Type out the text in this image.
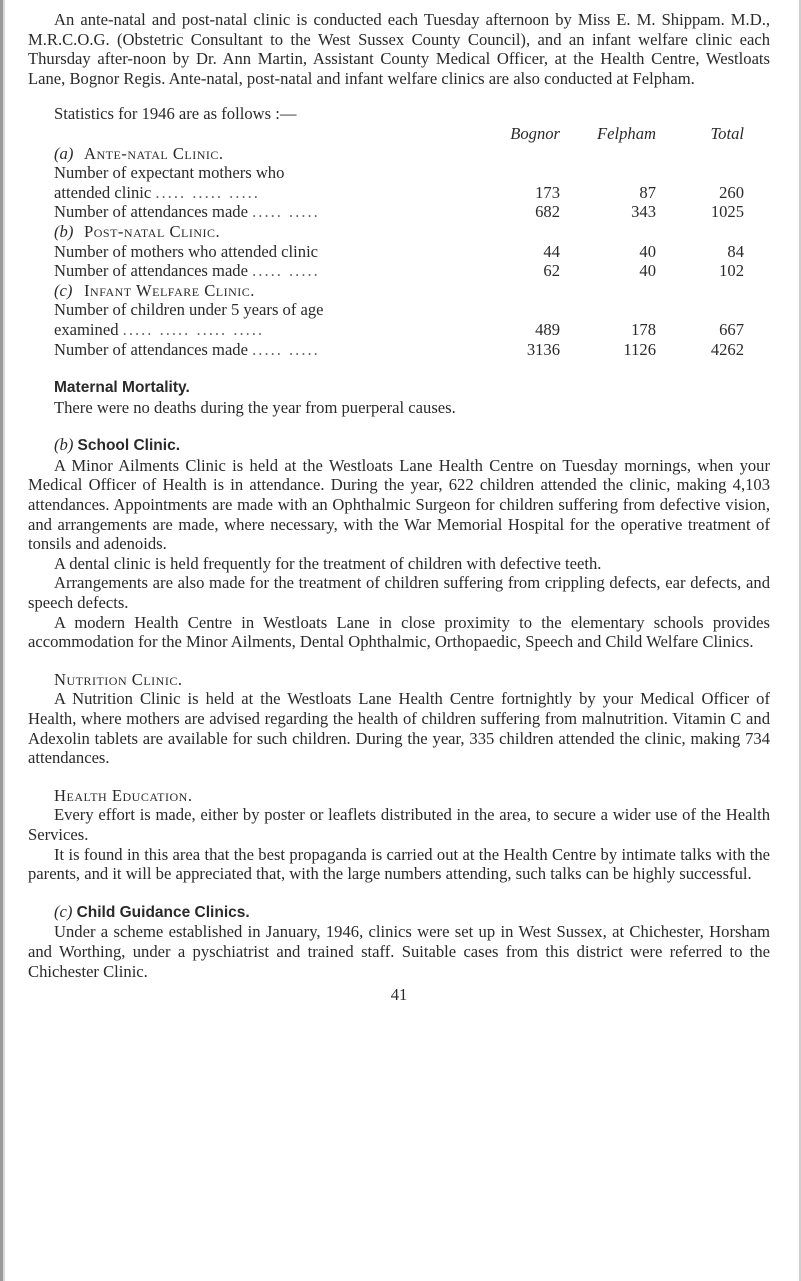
An ante-natal and post-natal clinic is conducted each Tuesday afternoon by Miss E. M. Shippam. M.D., M.R.C.O.G. (Obstetric Consultant to the West Sussex County Council), and an infant welfare clinic each Thursday after-noon by Dr. Ann Martin, Assistant County Medical Officer, at the Health Centre, Westloats Lane, Bognor Regis. Ante-natal, post-natal and infant welfare clinics are also conducted at Felpham.

Statistics for 1946 are as follows :—

	Bognor	Felpham	Total
(a) Ante-natal Clinic.			
Number of expectant mothers who			
attended clinic ..... ..... .....	173	87	260
Number of attendances made ..... .....	682	343	1025
(b) Post-natal Clinic.			
Number of mothers who attended clinic	44	40	84
Number of attendances made ..... .....	62	40	102
(c) Infant Welfare Clinic.			
Number of children under 5 years of age			
examined ..... ..... ..... .....	489	178	667
Number of attendances made ..... .....	3136	1126	4262

Maternal Mortality.

There were no deaths during the year from puerperal causes.

(b) School Clinic.

A Minor Ailments Clinic is held at the Westloats Lane Health Centre on Tuesday mornings, when your Medical Officer of Health is in attendance. During the year, 622 children attended the clinic, making 4,103 attendances. Appointments are made with an Ophthalmic Surgeon for children suffering from defective vision, and arrangements are made, where necessary, with the War Memorial Hospital for the operative treatment of tonsils and adenoids.

A dental clinic is held frequently for the treatment of children with defective teeth.

Arrangements are also made for the treatment of children suffering from crippling defects, ear defects, and speech defects.

A modern Health Centre in Westloats Lane in close proximity to the elementary schools provides accommodation for the Minor Ailments, Dental Ophthalmic, Orthopaedic, Speech and Child Welfare Clinics.

Nutrition Clinic.

A Nutrition Clinic is held at the Westloats Lane Health Centre fortnightly by your Medical Officer of Health, where mothers are advised regarding the health of children suffering from malnutrition. Vitamin C and Adexolin tablets are available for such children. During the year, 335 children attended the clinic, making 734 attendances.

Health Education.

Every effort is made, either by poster or leaflets distributed in the area, to secure a wider use of the Health Services.

It is found in this area that the best propaganda is carried out at the Health Centre by intimate talks with the parents, and it will be appreciated that, with the large numbers attending, such talks can be highly successful.

(c) Child Guidance Clinics.

Under a scheme established in January, 1946, clinics were set up in West Sussex, at Chichester, Horsham and Worthing, under a pyschiatrist and trained staff. Suitable cases from this district were referred to the Chichester Clinic.

41
